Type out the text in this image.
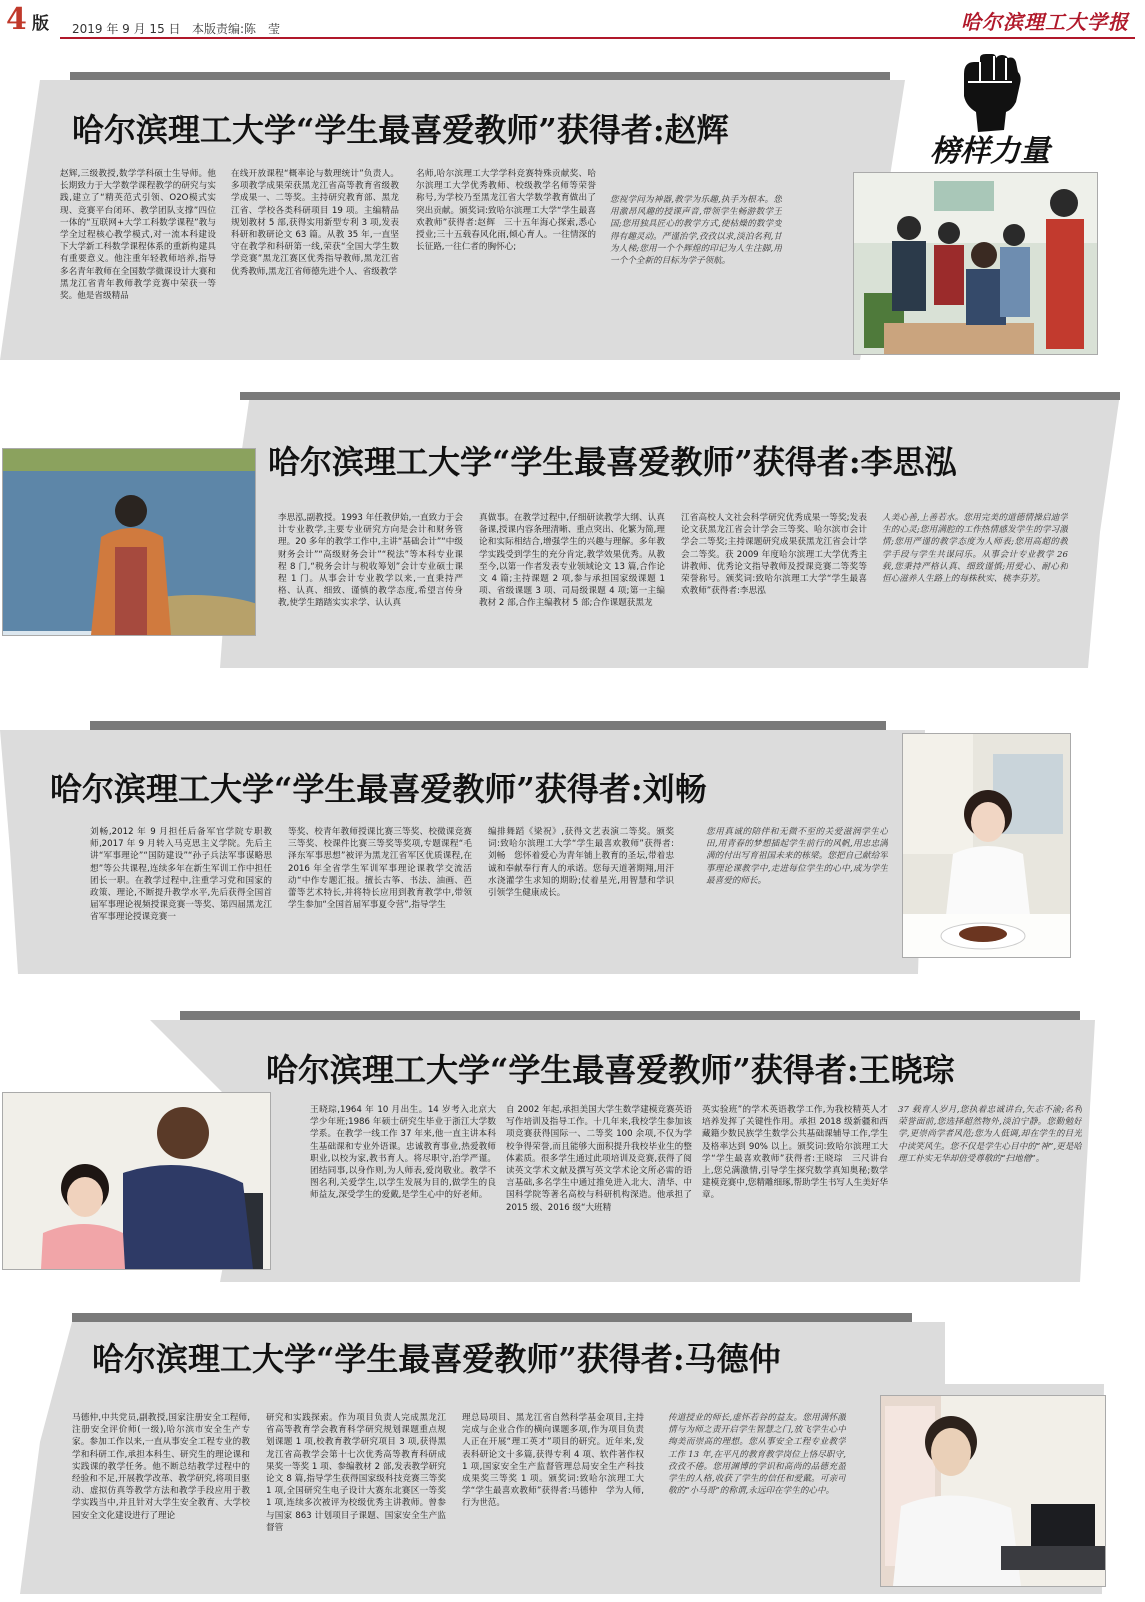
4 版 2019 年 9 月 15 日 本版责编:陈　莹	哈尔滨理工大学报
榜样力量
哈尔滨理工大学“学生最喜爱教师”获得者:赵辉
赵辉,三级教授,数学学科硕士生导师。他长期致力于大学数学课程教学的研究与实践,建立了“精英范式引领、O2O模式实现、竞赛平台闭环、教学团队支撑”四位一体的“互联网+大学工科数学课程”教与学全过程核心教学模式,对一流本科建设下大学新工科数学课程体系的重新构建具有重要意义。他注重年轻教师培养,指导多名青年教师在全国数学微课设计大赛和黑龙江省青年教师教学竞赛中荣获一等奖。他是省级精品
在线开放课程“概率论与数理统计”负责人。多项教学成果荣获黑龙江省高等教育省级教学成果一、二等奖。主持研究教育部、黑龙江省、学校各类科研项目 19 项。主编精品规划教材 5 部,获得实用新型专利 3 项,发表科研和教研论文 63 篇。从教 35 年,一直坚守在教学和科研第一线,荣获“全国大学生数学竞赛”黑龙江赛区优秀指导教师,黑龙江省优秀教师,黑龙江省师德先进个人、省级教学
名师,哈尔滨理工大学学科竞赛特殊贡献奖、哈尔滨理工大学优秀教师、校级教学名师等荣誉称号,为学校乃至黑龙江省大学数学教育做出了突出贡献。颁奖词:致哈尔滨理工大学“学生最喜欢教师”获得者:赵辉　三十五年海心探索,悉心授业;三十五载春风化雨,倾心育人。一往情深的长征路,一往仁者的胸怀心;
您视学问为神器,教学为乐趣,执手为根本。您用激昂风趣的授课声音,带领学生畅游数学王国;您用独具匠心的教学方式,使枯燥的数学变得有趣灵动。严谨治学,孜孜以求,淡泊名利,甘为人梯;您用一个个辉煌的印记为人生注脚,用一个个全新的目标为学子领航。
哈尔滨理工大学“学生最喜爱教师”获得者:李思泓
李思泓,副教授。1993 年任教伊始,一直致力于会计专业教学,主要专业研究方向是会计和财务管理。20 多年的教学工作中,主讲“基础会计”“中级财务会计”“高级财务会计”“税法”等本科专业课程 8 门,“税务会计与税收筹划”会计专业硕士课程 1 门。从事会计专业教学以来,一直秉持严格、认真、细致、谨慎的教学态度,希望言传身教,使学生踏踏实实求学、认认真
真做事。在教学过程中,仔细研读教学大纲、认真备课,授课内容条理清晰、重点突出、化繁为简,理论和实际相结合,增强学生的兴趣与理解。多年教学实践受到学生的充分肯定,教学效果优秀。从教至今,以第一作者发表专业领域论文 13 篇,合作论文 4 篇;主持课题 2 项,参与承担国家级课题 1 项、省级课题 3 项、司局级课题 4 项;第一主编教材 2 部,合作主编教材 5 部;合作课题获黑龙
江省高校人文社会科学研究优秀成果一等奖;发表论文获黑龙江省会计学会三等奖、哈尔滨市会计学会二等奖;主持课题研究成果获黑龙江省会计学会二等奖。获 2009 年度哈尔滨理工大学优秀主讲教师、优秀论文指导教师及授课竞赛二等奖等荣誉称号。颁奖词:致哈尔滨理工大学“学生最喜欢教师”获得者:李思泓
人美心善,上善若水。您用完美的道德情操启迪学生的心灵;您用满腔的工作热情感发学生的学习激情;您用严谨的教学态度为人师表;您用高超的教学手段与学生共谋同乐。从事会计专业教学 26 载,您秉持严格认真、细致谨慎;用爱心、耐心和恒心滋养人生路上的每株秋实、桃李芬芳。
哈尔滨理工大学“学生最喜爱教师”获得者:刘畅
刘畅,2012 年 9 月担任后备军官学院专职教师,2017 年 9 月转入马克思主义学院。先后主讲“军事理论”“国防建设”“孙子兵法军事谋略思想”等公共课程,连续多年在新生军训工作中担任团长一职。在教学过程中,注重学习党和国家的政策、理论,不断提升教学水平,先后获得全国首届军事理论视频授课竞赛一等奖、第四届黑龙江省军事理论授课竞赛一
等奖、校青年教师授课比赛三等奖、校微课竞赛三等奖、校课件比赛三等奖等奖项,专题课程“毛泽东军事思想”被评为黑龙江省军区优质课程,在 2016 年全省学生军训军事理论课教学交流活动“中作专题汇报。擅长古筝、书法、油画、芭蕾等艺术特长,并将特长应用到教育教学中,带领学生参加“全国首届军事夏令营”,指导学生
编排舞蹈《梁祝》,获得文艺表演二等奖。颁奖词:致哈尔滨理工大学“学生最喜欢教师”获得者:刘畅　您怀着爱心为青年铺上教育的圣坛,带着忠诚和奉献奉行育人的承诺。您每天道著期翔,用汗水浇灌学生求知的期盼;仗着星光,用智慧和学识引领学生健康成长。
您用真诚的陪伴和无微不至的关爱滋润学生心田,用青春的梦想插起学生前行的风帆,用忠忠满满的付出写育祖国未来的栋梁。您把自己献给军事理论课教学中,走进每位学生的心中,成为学生最喜爱的师长。
哈尔滨理工大学“学生最喜爱教师”获得者:王晓琮
王晓琮,1964 年 10 月出生。14 岁考入北京大学少年班;1986 年硕士研究生毕业于浙江大学数学系。在教学一线工作 37 年来,他一直主讲本科生基础课和专业外语课。忠诚教育事业,热爱教师职业,以校为家,教书育人。将尽职守,治学严谨。团结同事,以身作则,为人师表,爱岗敬业。教学不图名利,关爱学生,以学生发展为目的,做学生的良师益友,深受学生的爱戴,是学生心中的好老师。
自 2002 年起,承担美国大学生数学建模竞赛英语写作培训及指导工作。十几年来,我校学生参加该项竞赛获得国际一、二等奖 100 余项,不仅为学校争得荣誉,而且能够大面积提升我校毕业生的整体素质。很多学生通过此项培训及竞赛,获得了阅读英文学术文献及撰写英文学术论文所必需的语言基础,多名学生中通过推免进入北大、清华、中国科学院等著名高校与科研机构深造。他承担了 2015 级、2016 级“大班精
英实验班”的学术英语教学工作,为我校精英人才培养发挥了关键性作用。承担 2018 级新疆和西藏籍少数民族学生数学公共基础课辅导工作,学生及格率达到 90% 以上。颁奖词:致哈尔滨理工大学“学生最喜欢教师”获得者:王晓琮　三尺讲台上,您兑满激情,引导学生探究数学真知奥秘;数学建模竞赛中,您精雕细琢,帮助学生书写人生美好华章。
37 载育人岁月,您执着忠诚讲台,矢志不渝;名利荣誉面前,您选择超然物外,淡泊宁静。您勤勉好学,更崇尚学者风范;您为人低调,却在学生的目光中读笑风生。您不仅是学生心目中的“神”,更是哈理工朴实无华却倍受尊敬的“扫地僧”。
哈尔滨理工大学“学生最喜爱教师”获得者:马德仲
马德仲,中共党员,副教授,国家注册安全工程师,注册安全评价师(一级),哈尔滨市安全生产专家。参加工作以来,一直从事安全工程专业的教学和科研工作,承担本科生、研究生的理论课和实践课的教学任务。他不断总结教学过程中的经验和不足,开展教学改革、教学研究,将项目驱动、虚拟仿真等教学方法和教学手段应用于教学实践当中,并且针对大学生安全教育、大学校园安全文化建设进行了理论
研究和实践探索。作为项目负责人完成黑龙江省高等教育学会教育科学研究规划课题重点规划课题 1 项,校教育教学研究项目 3 项,获得黑龙江省高教学会第十七次优秀高等教育科研成果奖一等奖 1 项、参编教材 2 部,发表教学研究论文 8 篇,指导学生获得国家级科技竞赛三等奖 1 项,全国研究生电子设计大赛东北赛区一等奖 1 项,连续多次被评为校级优秀主讲教师。曾参与国家 863 计划项目子课题、国家安全生产监督管
理总局项目、黑龙江省自然科学基金项目,主持完成与企业合作的横向课题多项,作为项目负责人正在开展“理工英才”项目的研究。近年来,发表科研论文十多篇,获得专利 4 项、软件著作权 1 项,国家安全生产监督管理总局安全生产科技成果奖三等奖 1 项。颁奖词:致哈尔滨理工大学“学生最喜欢教师”获得者:马德仲　学为人师,行为世范。
传道授业的师长,虚怀若谷的益友。您用满怀激情与为师之责开启学生智慧之门,放飞学生心中绚美而崇高的理想。您从事安全工程专业教学工作 13 年,在平凡的教育教学岗位上恪尽职守,孜孜不倦。您用渊博的学识和高尚的品德充盈学生的人格,收获了学生的信任和爱戴。可亲可敬的“小马哥”的称谓,永远印在学生的心中。
